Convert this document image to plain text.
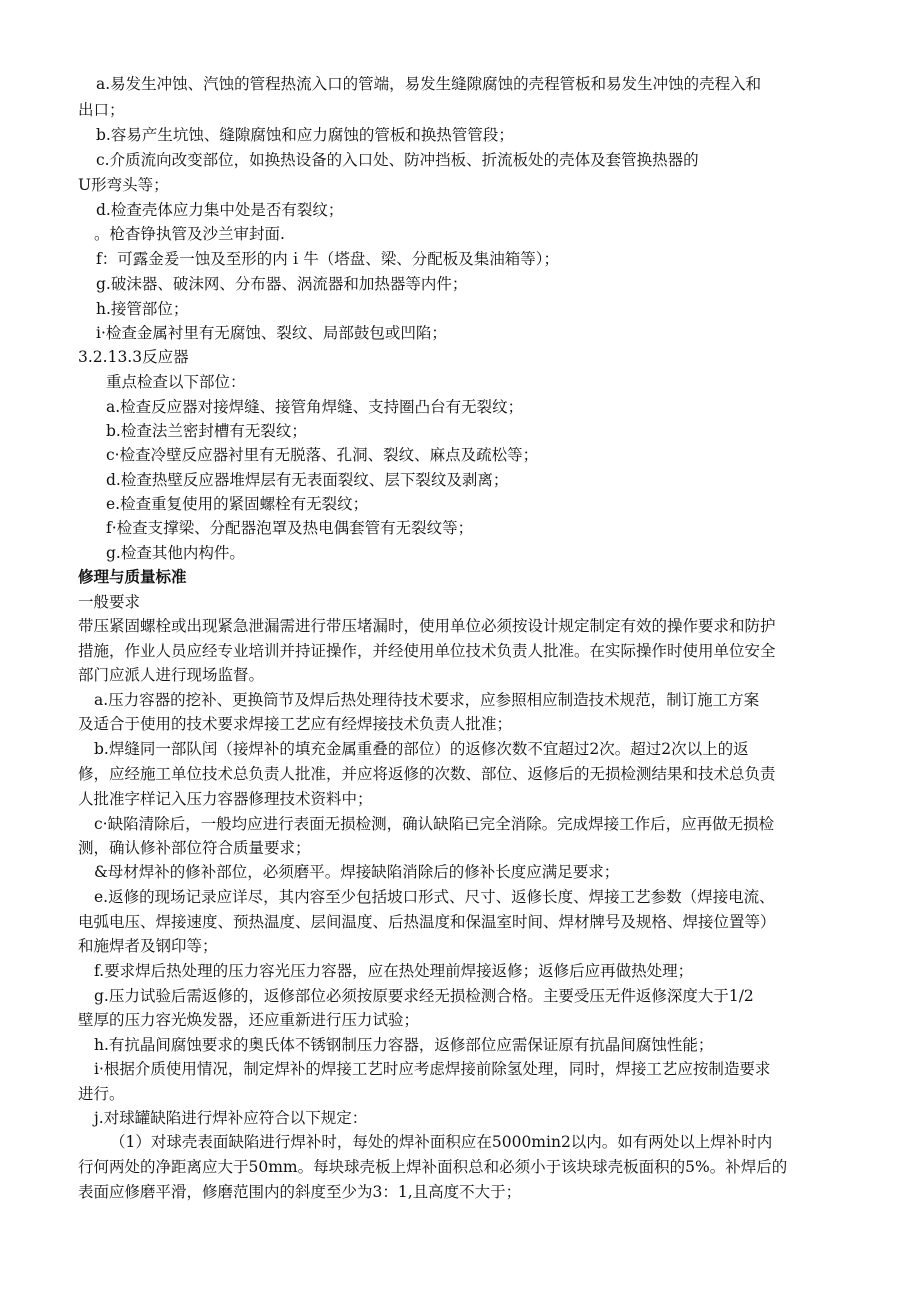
a.易发生冲蚀、汽蚀的管程热流入口的管端，易发生缝隙腐蚀的壳程管板和易发生冲蚀的壳程入和
出口；
b.容易产生坑蚀、缝隙腐蚀和应力腐蚀的管板和换热管管段；
c.介质流向改变部位，如换热设备的入口处、防冲挡板、折流板处的壳体及套管换热器的
U形弯头等；
d.检查壳体应力集中处是否有裂纹；
。枪杳铮执管及沙兰审封面.
f：可露金爰一蚀及至形的内ｉ牛（塔盘、梁、分配板及集油箱等）；
g.破沫器、破沫网、分布器、涡流器和加热器等内件；
h.接管部位；
i·检查金属衬里有无腐蚀、裂纹、局部鼓包或凹陷；
3.2.13.3反应器
重点检查以下部位：
a.检查反应器对接焊缝、接管角焊缝、支持圈凸台有无裂纹；
b.检查法兰密封槽有无裂纹；
c·检查冷壁反应器衬里有无脱落、孔洞、裂纹、麻点及疏松等；
d.检查热壁反应器堆焊层有无表面裂纹、层下裂纹及剥离；
e.检查重复使用的紧固螺栓有无裂纹；
f·检查支撑梁、分配器泡罩及热电偶套管有无裂纹等；
g.检查其他内构件。
修理与质量标准
一般要求
带压紧固螺栓或出现紧急泄漏需进行带压堵漏时，使用单位必须按设计规定制定有效的操作要求和防护
措施，作业人员应经专业培训并持证操作，并经使用单位技术负责人批准。在实际操作时使用单位安全
部门应派人进行现场监督。
a.压力容器的挖补、更换筒节及焊后热处理待技术要求，应参照相应制造技术规范，制订施工方案
及适合于使用的技术要求焊接工艺应有经焊接技术负责人批准；
b.焊缝同一部队闰（接焊补的填充金属重叠的部位）的返修次数不宜超过2次。超过2次以上的返
修，应经施工单位技术总负责人批准，并应将返修的次数、部位、返修后的无损检测结果和技术总负责
人批准字样记入压力容器修理技术资料中；
c·缺陷清除后，一般均应进行表面无损检测，确认缺陷已完全消除。完成焊接工作后，应再做无损检
测，确认修补部位符合质量要求；
&母材焊补的修补部位，必须磨平。焊接缺陷消除后的修补长度应满足要求；
e.返修的现场记录应详尽，其内容至少包括坡口形式、尺寸、返修长度、焊接工艺参数（焊接电流、
电弧电压、焊接速度、预热温度、层间温度、后热温度和保温室时间、焊材牌号及规格、焊接位置等）
和施焊者及钢印等；
f.要求焊后热处理的压力容光压力容器，应在热处理前焊接返修；返修后应再做热处理；
g.压力试验后需返修的，返修部位必须按原要求经无损检测合格。主要受压无件返修深度大于1/2
壁厚的压力容光焕发器，还应重新进行压力试验；
h.有抗晶间腐蚀要求的奥氏体不锈钢制压力容器，返修部位应需保证原有抗晶间腐蚀性能；
i·根据介质使用情况，制定焊补的焊接工艺时应考虑焊接前除氢处理，同时，焊接工艺应按制造要求
进行。
j.对球罐缺陷进行焊补应符合以下规定：
（1）对球壳表面缺陷进行焊补时，每处的焊补面积应在5000min2以内。如有两处以上焊补时内
行何两处的净距离应大于50mm。每块球壳板上焊补面积总和必须小于该块球壳板面积的5%。补焊后的
表面应修磨平滑，修磨范围内的斜度至少为3：1,且高度不大于；
